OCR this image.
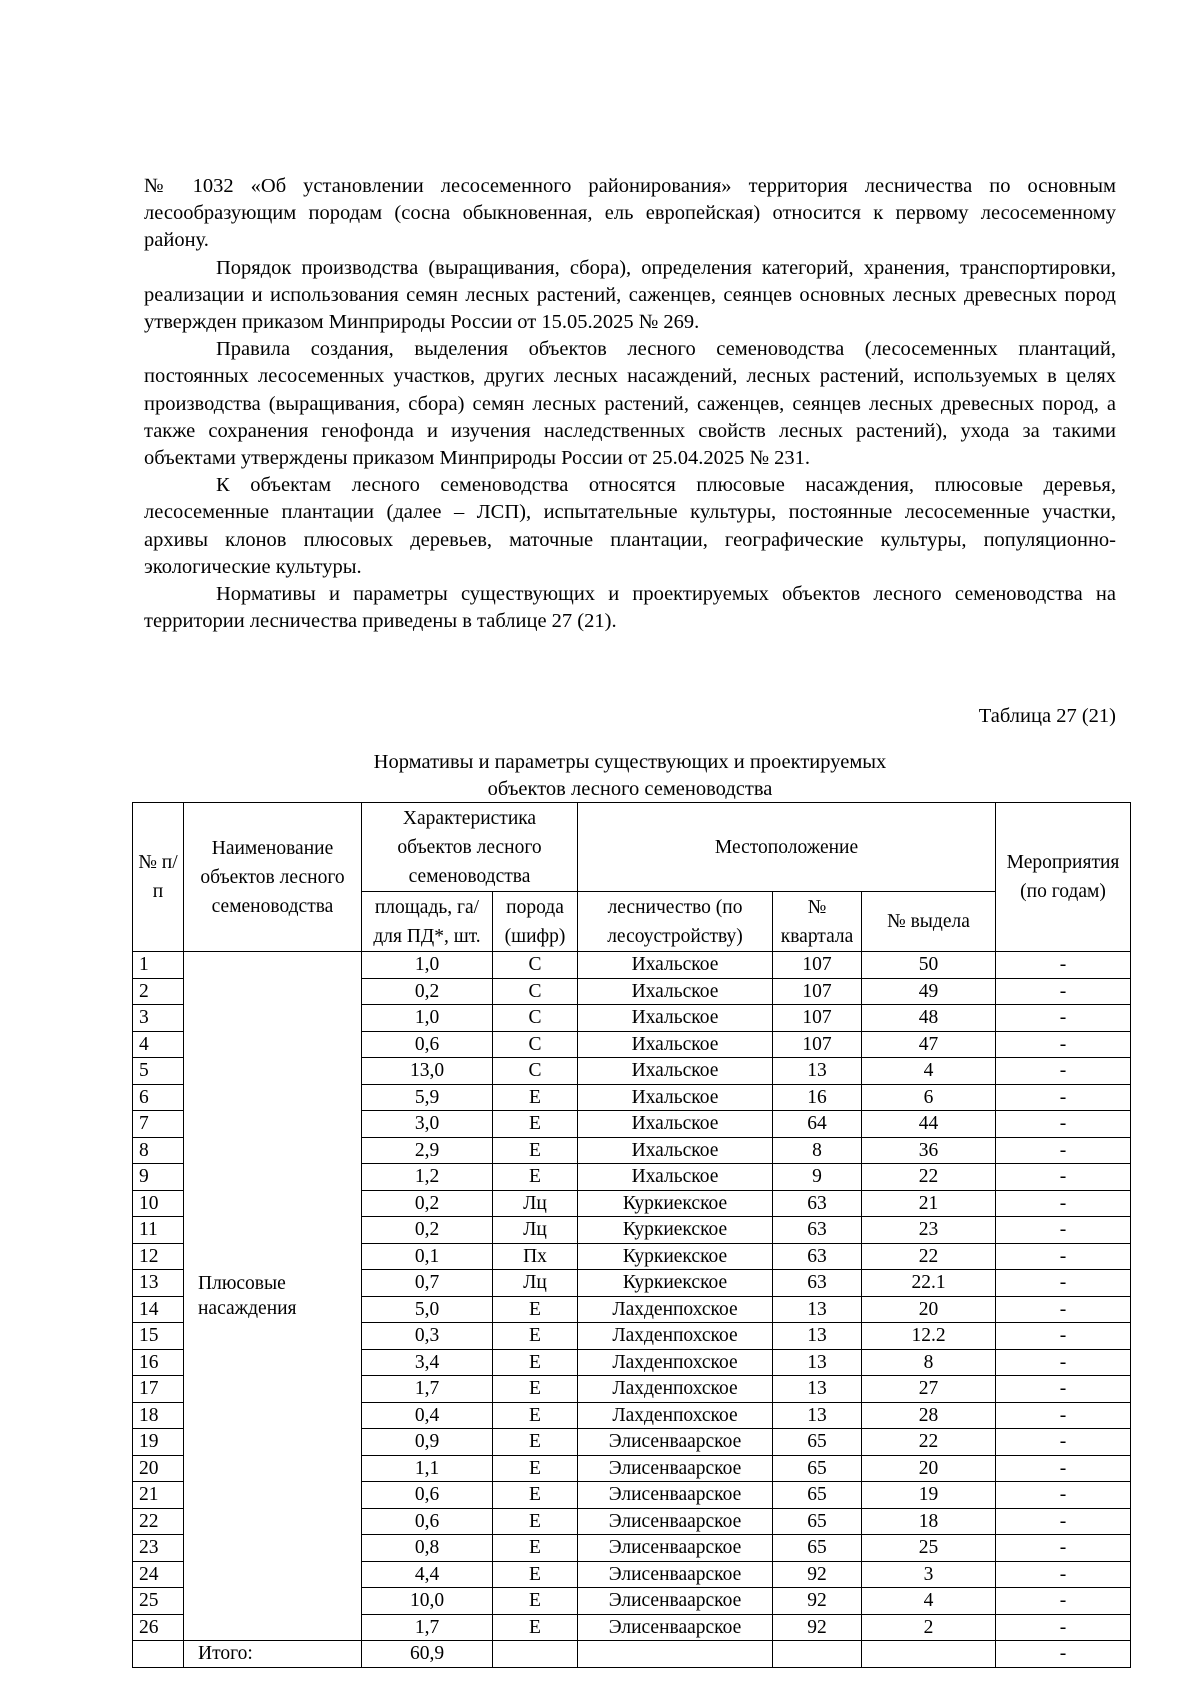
№ 1032 «Об установлении лесосеменного районирования» территория лесничества по основным лесообразующим породам (сосна обыкновенная, ель европейская) относится к первому лесосеменному району.

Порядок производства (выращивания, сбора), определения категорий, хранения, транспортировки, реализации и использования семян лесных растений, саженцев, сеянцев основных лесных древесных пород утвержден приказом Минприроды России от 15.05.2025 № 269.

Правила создания, выделения объектов лесного семеноводства (лесосеменных плантаций, постоянных лесосеменных участков, других лесных насаждений, лесных растений, используемых в целях производства (выращивания, сбора) семян лесных растений, саженцев, сеянцев лесных древесных пород, а также сохранения генофонда и изучения наследственных свойств лесных растений), ухода за такими объектами утверждены приказом Минприроды России от 25.04.2025 № 231.

К объектам лесного семеноводства относятся плюсовые насаждения, плюсовые деревья, лесосеменные плантации (далее – ЛСП), испытательные культуры, постоянные лесосеменные участки, архивы клонов плюсовых деревьев, маточные плантации, географические культуры, популяционно-экологические культуры.

Нормативы и параметры существующих и проектируемых объектов лесного семеноводства на территории лесничества приведены в таблице 27 (21).

Таблица 27 (21)
Нормативы и параметры существующих и проектируемых
объектов лесного семеноводства
№ п/п	Наименование объектов лесного семеноводства	Характеристика объектов лесного семеноводства		Местоположение			Мероприятия (по годам)
		площадь, га/ для ПД*, шт.	порода (шифр)	лесничество (по лесоустройству)	№ квартала	№ выдела	
1	Плюсовые насаждения	1,0	С	Ихальское	107	50	-
2		0,2	С	Ихальское	107	49	-
3		1,0	С	Ихальское	107	48	-
4		0,6	С	Ихальское	107	47	-
5		13,0	С	Ихальское	13	4	-
6		5,9	Е	Ихальское	16	6	-
7		3,0	Е	Ихальское	64	44	-
8		2,9	Е	Ихальское	8	36	-
9		1,2	Е	Ихальское	9	22	-
10		0,2	Лц	Куркиекское	63	21	-
11		0,2	Лц	Куркиекское	63	23	-
12		0,1	Пх	Куркиекское	63	22	-
13		0,7	Лц	Куркиекское	63	22.1	-
14		5,0	Е	Лахденпохское	13	20	-
15		0,3	Е	Лахденпохское	13	12.2	-
16		3,4	Е	Лахденпохское	13	8	-
17		1,7	Е	Лахденпохское	13	27	-
18		0,4	Е	Лахденпохское	13	28	-
19		0,9	Е	Элисенваарское	65	22	-
20		1,1	Е	Элисенваарское	65	20	-
21		0,6	Е	Элисенваарское	65	19	-
22		0,6	Е	Элисенваарское	65	18	-
23		0,8	Е	Элисенваарское	65	25	-
24		4,4	Е	Элисенваарское	92	3	-
25		10,0	Е	Элисенваарское	92	4	-
26		1,7	Е	Элисенваарское	92	2	-
	Итого:	60,9					-
